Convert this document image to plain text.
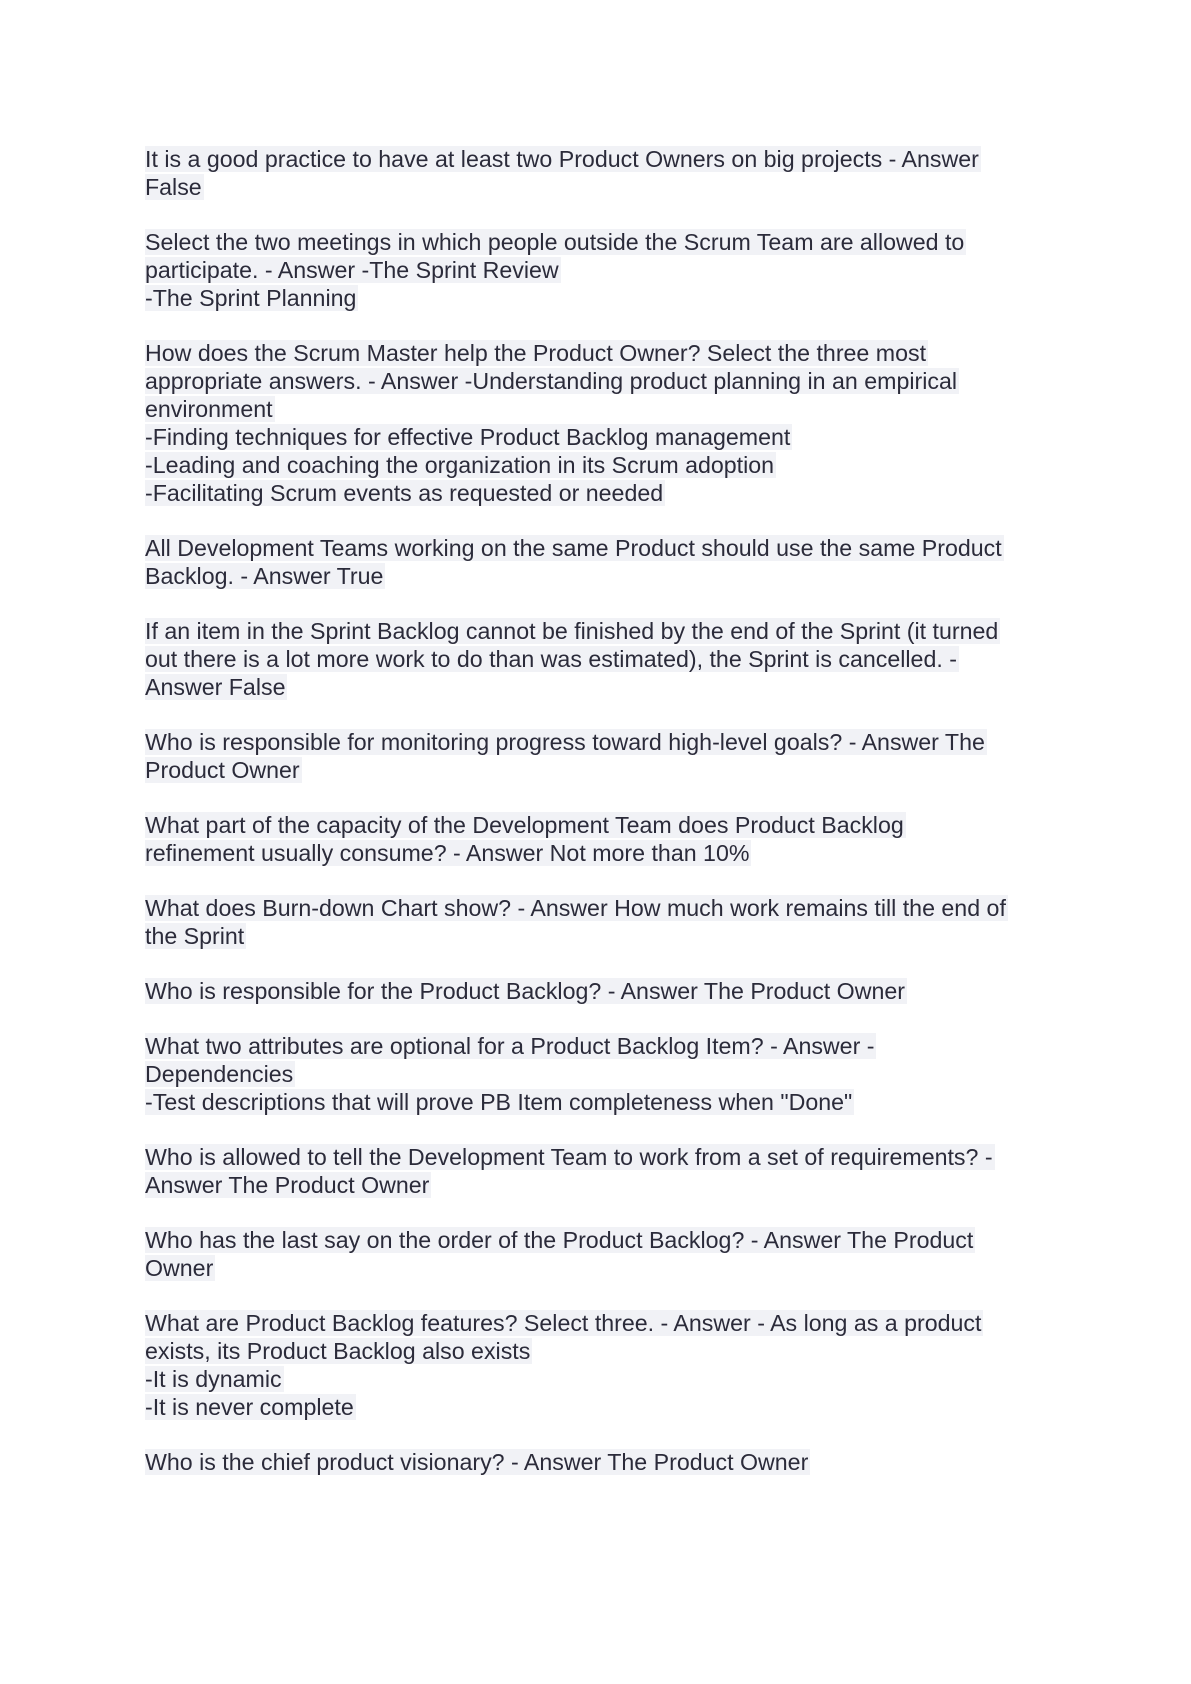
It is a good practice to have at least two Product Owners on big projects - Answer
False
Select the two meetings in which people outside the Scrum Team are allowed to
participate. - Answer -The Sprint Review
-The Sprint Planning
How does the Scrum Master help the Product Owner? Select the three most
appropriate answers. - Answer -Understanding product planning in an empirical
environment
-Finding techniques for effective Product Backlog management
-Leading and coaching the organization in its Scrum adoption
-Facilitating Scrum events as requested or needed
All Development Teams working on the same Product should use the same Product
Backlog. - Answer True
If an item in the Sprint Backlog cannot be finished by the end of the Sprint (it turned
out there is a lot more work to do than was estimated), the Sprint is cancelled. -
Answer False
Who is responsible for monitoring progress toward high-level goals? - Answer The
Product Owner
What part of the capacity of the Development Team does Product Backlog
refinement usually consume? - Answer Not more than 10%
What does Burn-down Chart show? - Answer How much work remains till the end of
the Sprint
Who is responsible for the Product Backlog? - Answer The Product Owner
What two attributes are optional for a Product Backlog Item? - Answer -
Dependencies
-Test descriptions that will prove PB Item completeness when "Done"
Who is allowed to tell the Development Team to work from a set of requirements? -
Answer The Product Owner
Who has the last say on the order of the Product Backlog? - Answer The Product
Owner
What are Product Backlog features? Select three. - Answer - As long as a product
exists, its Product Backlog also exists
-It is dynamic
-It is never complete
Who is the chief product visionary? - Answer The Product Owner
